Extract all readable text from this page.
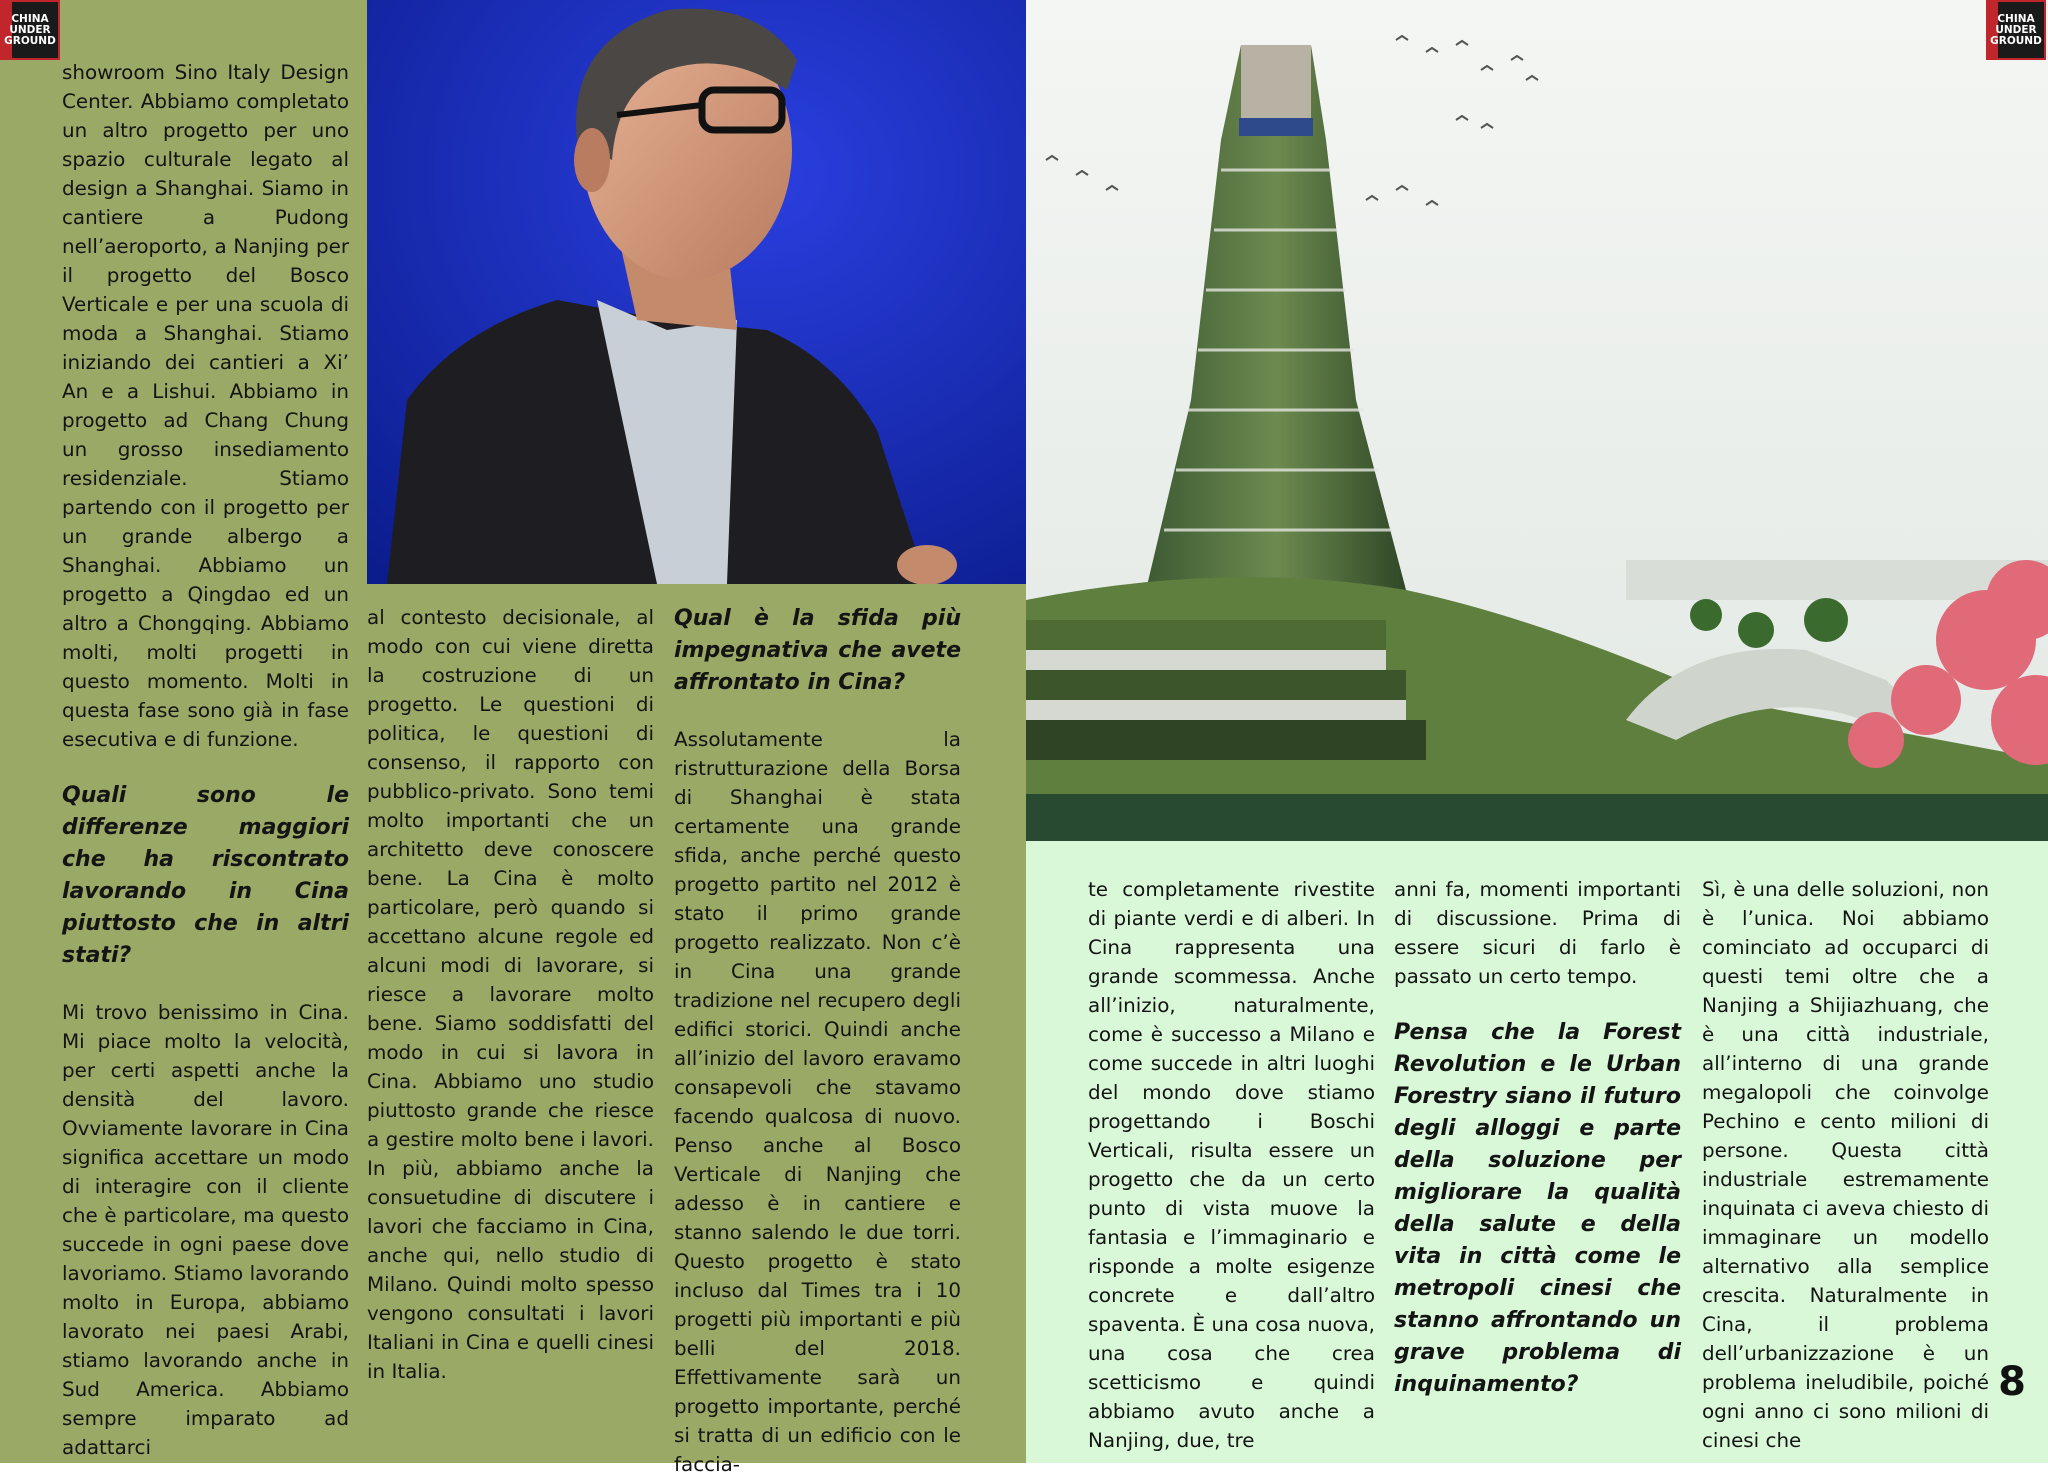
CHINA
UNDER
GROUND
CHINA
UNDER
GROUND

showroom Sino Italy Design Center. Abbiamo completato un altro progetto per uno spazio culturale legato al design a Shanghai. Siamo in cantiere a Pudong nell’aeroporto, a Nanjing per il progetto del Bosco Verticale e per una scuola di moda a Shanghai. Stiamo iniziando dei cantieri a Xi’ An e a Lishui. Abbiamo in progetto ad Chang Chung un grosso insediamento residenziale. Stiamo partendo con il progetto per un grande albergo a Shanghai. Abbiamo un progetto a Qingdao ed un altro a Chongqing. Abbiamo molti, molti progetti in questo momento. Molti in questa fase sono già in fase esecutiva e di funzione.

Quali sono le differenze maggiori che ha riscontrato lavorando in Cina piuttosto che in altri stati?

Mi trovo benissimo in Cina. Mi piace molto la velocità, per certi aspetti anche la densità del lavoro. Ovviamente lavorare in Cina significa accettare un modo di interagire con il cliente che è particolare, ma questo succede in ogni paese dove lavoriamo. Stiamo lavorando molto in Europa, abbiamo lavorato nei paesi Arabi, stiamo lavorando anche in Sud America. Abbiamo sempre imparato ad adattarci

al contesto decisionale, al modo con cui viene diretta la costruzione di un progetto. Le questioni di politica, le questioni di consenso, il rapporto con pubblico-privato. Sono temi molto importanti che un architetto deve conoscere bene. La Cina è molto particolare, però quando si accettano alcune regole ed alcuni modi di lavorare, si riesce a lavorare molto bene. Siamo soddisfatti del modo in cui si lavora in Cina. Abbiamo uno studio piuttosto grande che riesce a gestire molto bene i lavori. In più, abbiamo anche la consuetudine di discutere i lavori che facciamo in Cina, anche qui, nello studio di Milano. Quindi molto spesso vengono consultati i lavori Italiani in Cina e quelli cinesi in Italia.

Qual è la sfida più impegnativa che avete affrontato in Cina?

Assolutamente la ristrutturazione della Borsa di Shanghai è stata certamente una grande sfida, anche perché questo progetto partito nel 2012 è stato il primo grande progetto realizzato. Non c’è in Cina una grande tradizione nel recupero degli edifici storici. Quindi anche all’inizio del lavoro eravamo consapevoli che stavamo facendo qualcosa di nuovo. Penso anche al Bosco Verticale di Nanjing che adesso è in cantiere e stanno salendo le due torri. Questo progetto è stato incluso dal Times tra i 10 progetti più importanti e più belli del 2018. Effettivamente sarà un progetto importante, perché si tratta di un edificio con le faccia-

te completamente rivestite di piante verdi e di alberi. In Cina rappresenta una grande scommessa. Anche all’inizio, naturalmente, come è successo a Milano e come succede in altri luoghi del mondo dove stiamo progettando i Boschi Verticali, risulta essere un progetto che da un certo punto di vista muove la fantasia e l’immaginario e risponde a molte esigenze concrete e dall’altro spaventa. È una cosa nuova, una cosa che crea scetticismo e quindi abbiamo avuto anche a Nanjing, due, tre

anni fa, momenti importanti di discussione. Prima di essere sicuri di farlo è passato un certo tempo.

Pensa che la Forest Revolution e le Urban Forestry siano il futuro degli alloggi e parte della soluzione per migliorare la qualità della salute e della vita in città come le metropoli cinesi che stanno affrontando un grave problema di inquinamento?

Sì, è una delle soluzioni, non è l’unica. Noi abbiamo cominciato ad occuparci di questi temi oltre che a Nanjing a Shijiazhuang, che è una città industriale, all’interno di una grande megalopoli che coinvolge Pechino e cento milioni di persone. Questa città industriale estremamente inquinata ci aveva chiesto di immaginare un modello alternativo alla semplice crescita. Naturalmente in Cina, il problema dell’urbanizzazione è un problema ineludibile, poiché ogni anno ci sono milioni di cinesi che

8
